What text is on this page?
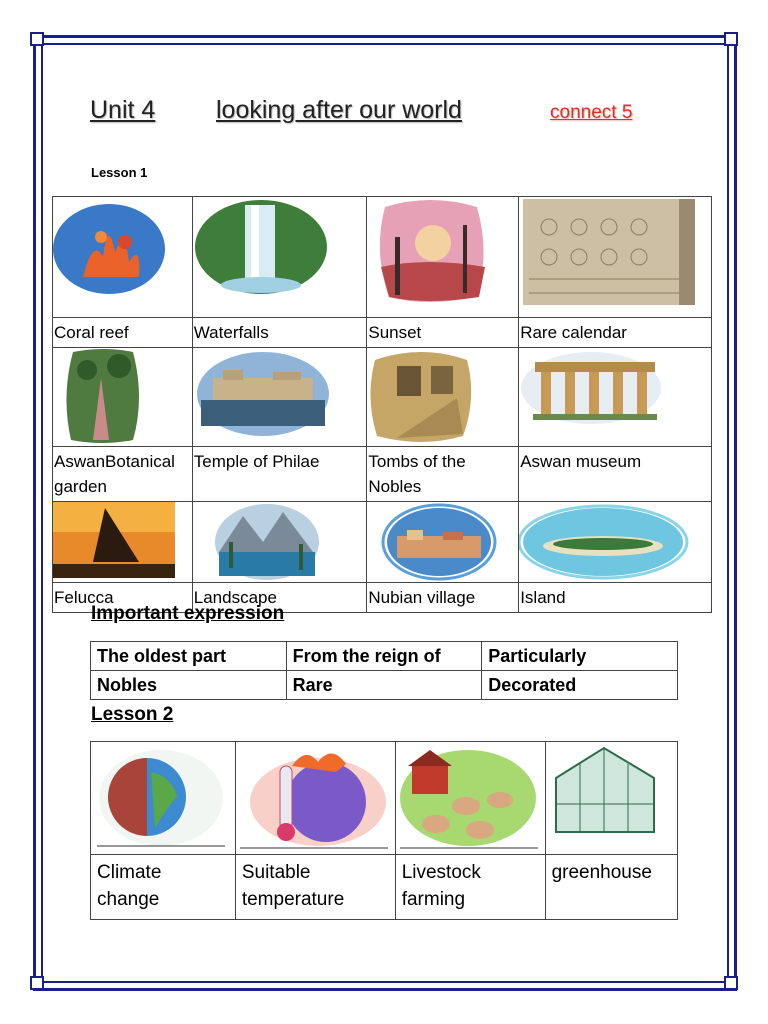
Unit 4 looking after our world	connect 5
Lesson 1

Coral reef	Waterfalls	Sunset	Rare calendar

AswanBotanical garden	Temple of Philae	Tombs of the Nobles	Aswan museum

Felucca	Landscape	Nubian village	Island
Important expression
The oldest part	From the reign of	Particularly
Nobles	Rare	Decorated
Lesson 2

Climate change	Suitable temperature	Livestock farming	greenhouse
